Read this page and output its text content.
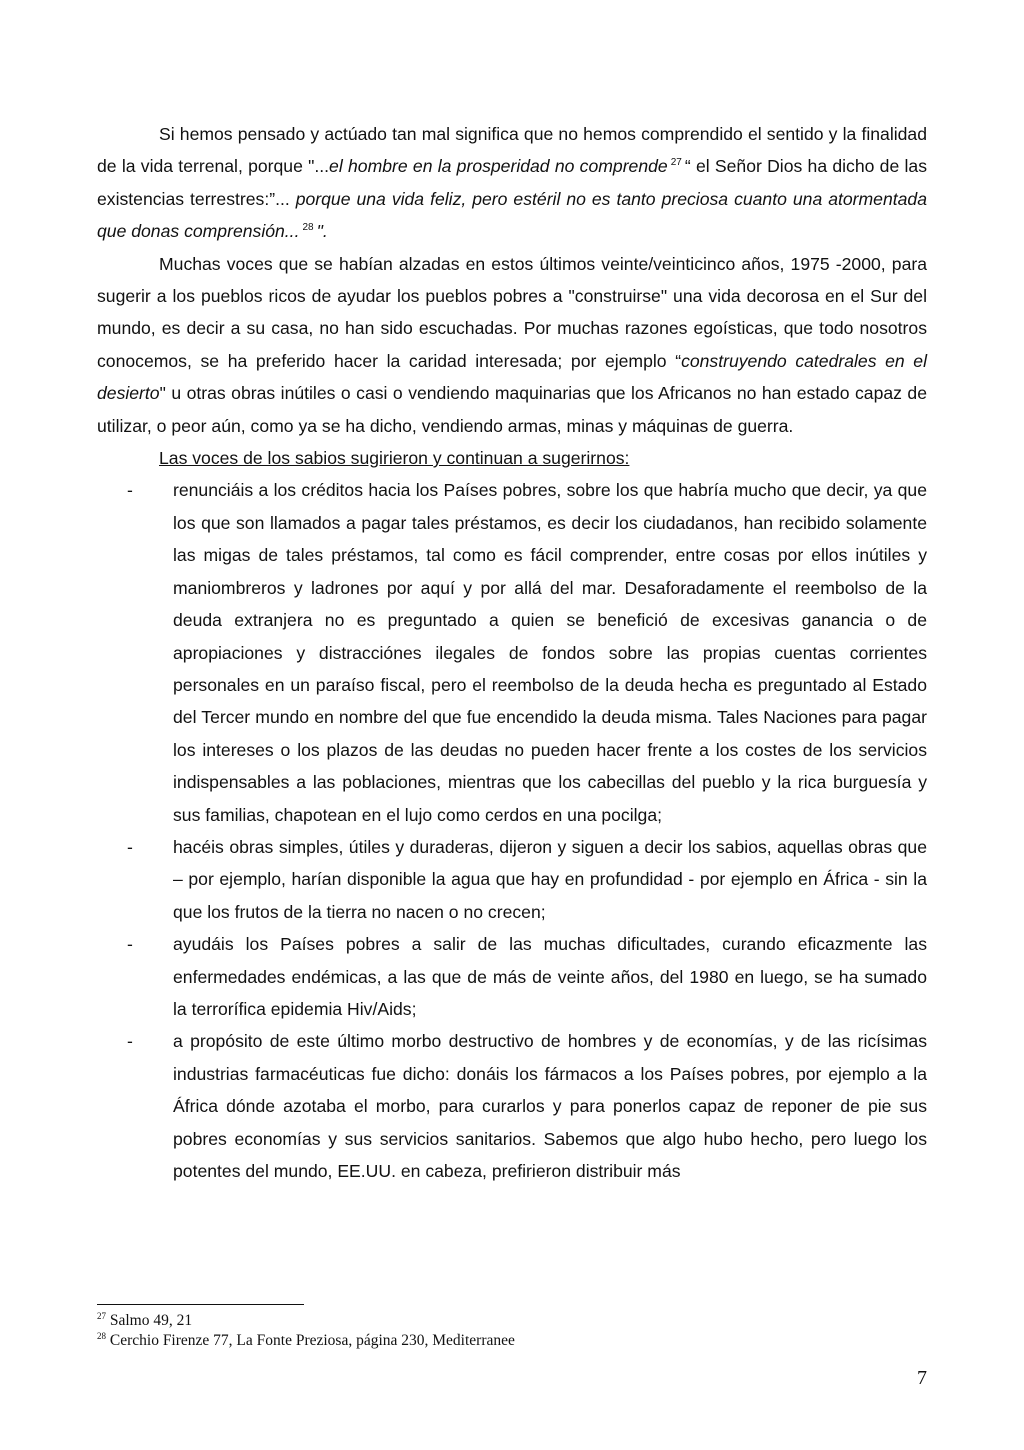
Si hemos pensado y actúado tan mal significa que no hemos comprendido el sentido y la finalidad de la vida terrenal, porque "...el hombre en la prosperidad no comprende $^{27}$ “ el Señor Dios ha dicho de las existencias terrestres:”... porque una vida feliz, pero estéril no es tanto preciosa cuanto una atormentada que donas comprensión... $^{28}$ ".

Muchas voces que se habían alzadas en estos últimos veinte/veinticinco años, 1975 -2000, para sugerir a los pueblos ricos de ayudar los pueblos pobres a "construirse" una vida decorosa en el Sur del mundo, es decir a su casa, no han sido escuchadas. Por muchas razones egoísticas, que todo nosotros conocemos, se ha preferido hacer la caridad interesada; por ejemplo “construyendo catedrales en el desierto" u otras obras inútiles o casi o vendiendo maquinarias que los Africanos no han estado capaz de utilizar, o peor aún, como ya se ha dicho, vendiendo armas, minas y máquinas de guerra.

Las voces de los sabios sugirieron y continuan a sugerirnos:

- renunciáis a los créditos hacia los Países pobres, sobre los que habría mucho que decir, ya que los que son llamados a pagar tales préstamos, es decir los ciudadanos, han recibido solamente las migas de tales préstamos, tal como es fácil comprender, entre cosas por ellos inútiles y maniombreros y ladrones por aquí y por allá del mar. Desaforadamente el reembolso de la deuda extranjera no es preguntado a quien se benefició de excesivas ganancia o de apropiaciones y distracciónes ilegales de fondos sobre las propias cuentas corrientes personales en un paraíso fiscal, pero el reembolso de la deuda hecha es preguntado al Estado del Tercer mundo en nombre del que fue encendido la deuda misma. Tales Naciones para pagar los intereses o los plazos de las deudas no pueden hacer frente a los costes de los servicios indispensables a las poblaciones, mientras que los cabecillas del pueblo y la rica burguesía y sus familias, chapotean en el lujo como cerdos en una pocilga;
- hacéis obras simples, útiles y duraderas, dijeron y siguen a decir los sabios, aquellas obras que – por ejemplo, harían disponible la agua que hay en profundidad - por ejemplo en África - sin la que los frutos de la tierra no nacen o no crecen;
- ayudáis los Países pobres a salir de las muchas dificultades, curando eficazmente las enfermedades endémicas, a las que de más de veinte años, del 1980 en luego, se ha sumado la terrorífica epidemia Hiv/Aids;
- a propósito de este último morbo destructivo de hombres y de economías, y de las ricísimas industrias farmacéuticas fue dicho: donáis los fármacos a los Países pobres, por ejemplo a la África dónde azotaba el morbo, para curarlos y para ponerlos capaz de reponer de pie sus pobres economías y sus servicios sanitarios. Sabemos que algo hubo hecho, pero luego los potentes del mundo, EE.UU. en cabeza, prefirieron distribuir más
$^{27}$ Salmo 49, 21
$^{28}$ Cerchio Firenze 77, La Fonte Preziosa, página 230, Mediterranee
7
